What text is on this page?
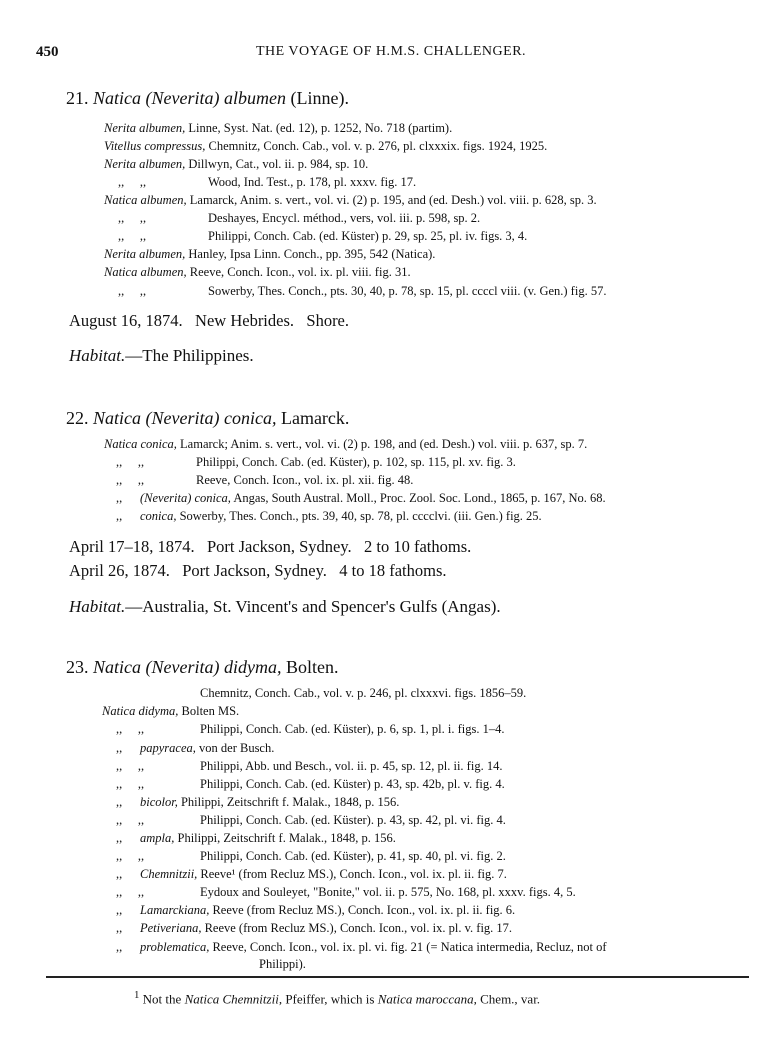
450	THE VOYAGE OF H.M.S. CHALLENGER.
21. Natica (Neverita) albumen (Linne).
Nerita albumen, Linne, Syst. Nat. (ed. 12), p. 1252, No. 718 (partim).
Vitellus compressus, Chemnitz, Conch. Cab., vol. v. p. 276, pl. clxxxix. figs. 1924, 1925.
Nerita albumen, Dillwyn, Cat., vol. ii. p. 984, sp. 10.
,,     ,,	Wood, Ind. Test., p. 178, pl. xxxv. fig. 17.
Natica albumen, Lamarck, Anim. s. vert., vol. vi. (2) p. 195, and (ed. Desh.) vol. viii. p. 628, sp. 3.
,,     ,,	Deshayes, Encycl. méthod., vers, vol. iii. p. 598, sp. 2.
,,     ,,	Philippi, Conch. Cab. (ed. Küster) p. 29, sp. 25, pl. iv. figs. 3, 4.
Nerita albumen, Hanley, Ipsa Linn. Conch., pp. 395, 542 (Natica).
Natica albumen, Reeve, Conch. Icon., vol. ix. pl. viii. fig. 31.
,,     ,,	Sowerby, Thes. Conch., pts. 30, 40, p. 78, sp. 15, pl. ccccl viii. (v. Gen.) fig. 57.
August 16, 1874.   New Hebrides.   Shore.
Habitat.—The Philippines.
22. Natica (Neverita) conica, Lamarck.
Natica conica, Lamarck; Anim. s. vert., vol. vi. (2) p. 198, and (ed. Desh.) vol. viii. p. 637, sp. 7.
,,     ,,	Philippi, Conch. Cab. (ed. Küster), p. 102, sp. 115, pl. xv. fig. 3.
,,     ,,	Reeve, Conch. Icon., vol. ix. pl. xii. fig. 48.
,, (Neverita) conica, Angas, South Austral. Moll., Proc. Zool. Soc. Lond., 1865, p. 167, No. 68.
,, conica, Sowerby, Thes. Conch., pts. 39, 40, sp. 78, pl. cccclvi. (iii. Gen.) fig. 25.
April 17–18, 1874.   Port Jackson, Sydney.   2 to 10 fathoms.
April 26, 1874.   Port Jackson, Sydney.   4 to 18 fathoms.
Habitat.—Australia, St. Vincent's and Spencer's Gulfs (Angas).
23. Natica (Neverita) didyma, Bolten.
Chemnitz, Conch. Cab., vol. v. p. 246, pl. clxxxvi. figs. 1856–59.
Natica didyma, Bolten MS.
,,     ,,	Philippi, Conch. Cab. (ed. Küster), p. 6, sp. 1, pl. i. figs. 1–4.
,, papyracea, von der Busch.
,,     ,,	Philippi, Abb. und Besch., vol. ii. p. 45, sp. 12, pl. ii. fig. 14.
,,     ,,	Philippi, Conch. Cab. (ed. Küster) p. 43, sp. 42b, pl. v. fig. 4.
,, bicolor, Philippi, Zeitschrift f. Malak., 1848, p. 156.
,,     ,,	Philippi, Conch. Cab. (ed. Küster). p. 43, sp. 42, pl. vi. fig. 4.
,, ampla, Philippi, Zeitschrift f. Malak., 1848, p. 156.
,,     ,,	Philippi, Conch. Cab. (ed. Küster), p. 41, sp. 40, pl. vi. fig. 2.
,, Chemnitzii, Reeve¹ (from Recluz MS.), Conch. Icon., vol. ix. pl. ii. fig. 7.
,,     ,,	Eydoux and Souleyet, "Bonite," vol. ii. p. 575, No. 168, pl. xxxv. figs. 4, 5.
,, Lamarckiana, Reeve (from Recluz MS.), Conch. Icon., vol. ix. pl. ii. fig. 6.
,, Petiveriana, Reeve (from Recluz MS.), Conch. Icon., vol. ix. pl. v. fig. 17.
,, problematica, Reeve, Conch. Icon., vol. ix. pl. vi. fig. 21 (= Natica intermedia, Recluz, not of
Philippi).
$^1$ Not the Natica Chemnitzii, Pfeiffer, which is Natica maroccana, Chem., var.
